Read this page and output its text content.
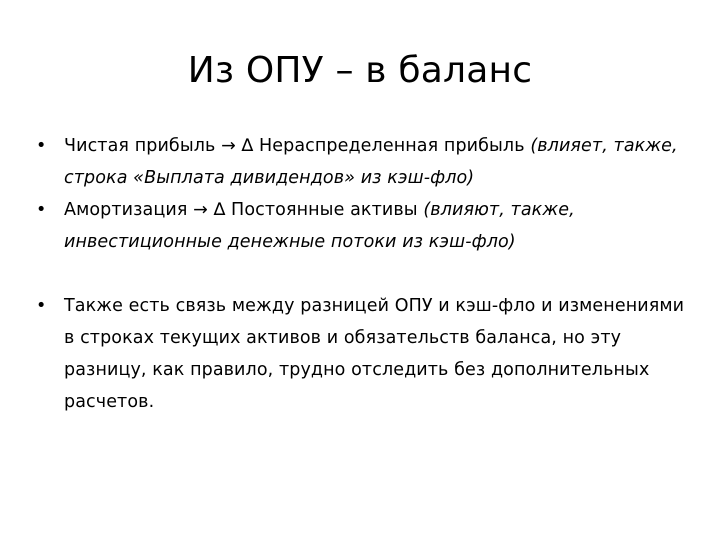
Из ОПУ – в баланс
•	Чистая прибыль → ∆ Нераспределенная прибыль (влияет, также, строка «Выплата дивидендов» из кэш-фло)
•	Амортизация → ∆ Постоянные активы (влияют, также, инвестиционные денежные потоки из кэш-фло)
•	Также есть связь между разницей ОПУ и кэш-фло и изменениями в строках текущих активов и обязательств баланса, но эту разницу, как правило, трудно отследить без дополнительных расчетов.
